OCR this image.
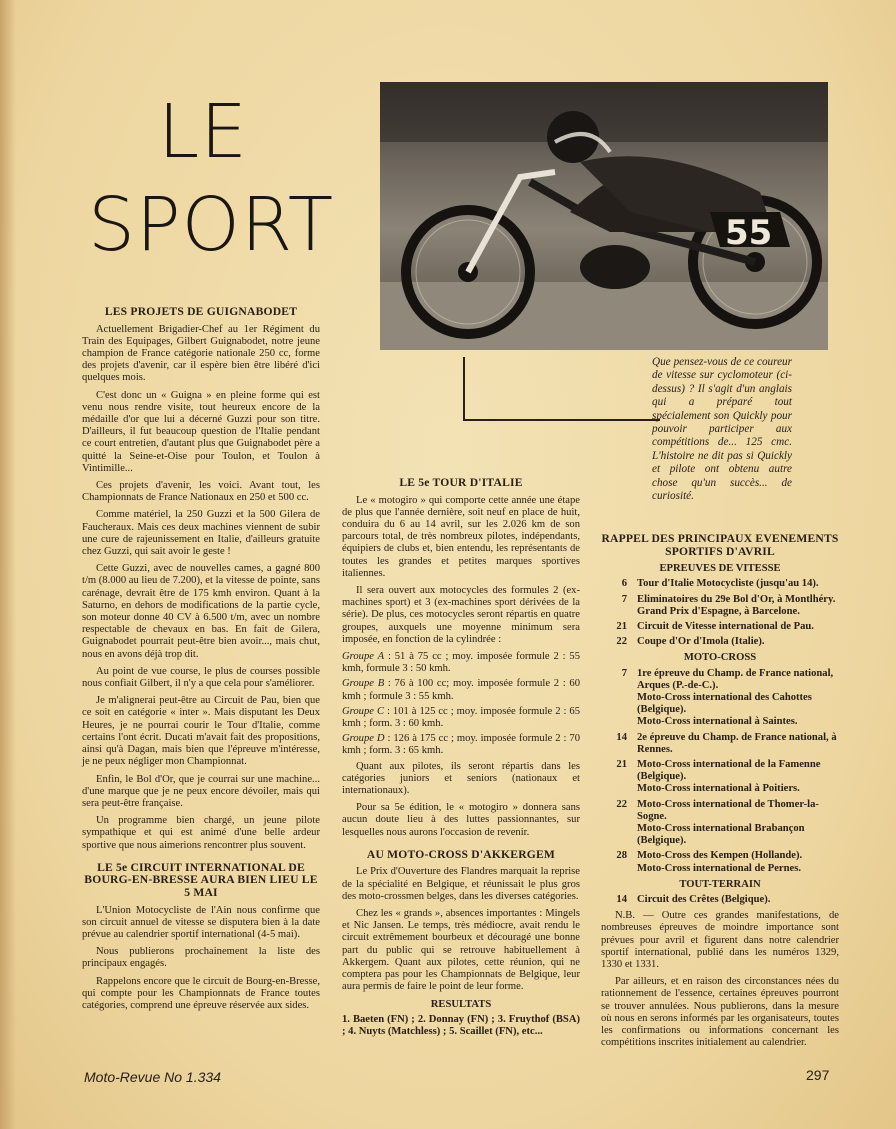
LE
SPORT	55
Que pensez-vous de ce coureur de vitesse sur cyclomoteur (ci-dessus) ? Il s'agit d'un anglais qui a préparé tout spécialement son Quickly pour pouvoir participer aux compétitions de... 125 cmc. L'histoire ne dit pas si Quickly et pilote ont obtenu autre chose qu'un succès... de curiosité.
LES PROJETS DE GUIGNABODET

Actuellement Brigadier-Chef au 1er Régiment du Train des Equipages, Gilbert Guignabodet, notre jeune champion de France catégorie nationale 250 cc, forme des projets d'avenir, car il espère bien être libéré d'ici quelques mois.

C'est donc un « Guigna » en pleine forme qui est venu nous rendre visite, tout heureux encore de la médaille d'or que lui a décerné Guzzi pour son titre. D'ailleurs, il fut beaucoup question de l'Italie pendant ce court entretien, d'autant plus que Guignabodet père a quitté la Seine-et-Oise pour Toulon, et Toulon à Vintimille...

Ces projets d'avenir, les voici. Avant tout, les Championnats de France Nationaux en 250 et 500 cc.

Comme matériel, la 250 Guzzi et la 500 Gilera de Faucheraux. Mais ces deux machines viennent de subir une cure de rajeunissement en Italie, d'ailleurs gratuite chez Guzzi, qui sait avoir le geste !

Cette Guzzi, avec de nouvelles cames, a gagné 800 t/m (8.000 au lieu de 7.200), et la vitesse de pointe, sans carénage, devrait être de 175 kmh environ. Quant à la Saturno, en dehors de modifications de la partie cycle, son moteur donne 40 CV à 6.500 t/m, avec un nombre respectable de chevaux en bas. En fait de Gilera, Guignabodet pourrait peut-être bien avoir..., mais chut, nous en avons déjà trop dit.

Au point de vue course, le plus de courses possible nous confiait Gilbert, il n'y a que cela pour s'améliorer.

Je m'alignerai peut-être au Circuit de Pau, bien que ce soit en catégorie « inter ». Mais disputant les Deux Heures, je ne pourrai courir le Tour d'Italie, comme certains l'ont écrit. Ducati m'avait fait des propositions, ainsi qu'à Dagan, mais bien que l'épreuve m'intéresse, je ne peux négliger mon Championnat.

Enfin, le Bol d'Or, que je courrai sur une machine... d'une marque que je ne peux encore dévoiler, mais qui sera peut-être française.

Un programme bien chargé, un jeune pilote sympathique et qui est animé d'une belle ardeur sportive que nous aimerions rencontrer plus souvent.

LE 5e CIRCUIT INTERNATIONAL DE BOURG-EN-BRESSE AURA BIEN LIEU LE 5 MAI

L'Union Motocycliste de l'Ain nous confirme que son circuit annuel de vitesse se disputera bien à la date prévue au calendrier sportif international (4-5 mai).

Nous publierons prochainement la liste des principaux engagés.

Rappelons encore que le circuit de Bourg-en-Bresse, qui compte pour les Championnats de France toutes catégories, comprend une épreuve réservée aux sides.

LE 5e TOUR D'ITALIE

Le « motogiro » qui comporte cette année une étape de plus que l'année dernière, soit neuf en place de huit, conduira du 6 au 14 avril, sur les 2.026 km de son parcours total, de très nombreux pilotes, indépendants, équipiers de clubs et, bien entendu, les représentants de toutes les grandes et petites marques sportives italiennes.

Il sera ouvert aux motocycles des formules 2 (ex-machines sport) et 3 (ex-machines sport dérivées de la série). De plus, ces motocycles seront répartis en quatre groupes, auxquels une moyenne minimum sera imposée, en fonction de la cylindrée :

Groupe A : 51 à 75 cc ; moy. imposée formule 2 : 55 kmh, formule 3 : 50 kmh.

Groupe B : 76 à 100 cc; moy. imposée formule 2 : 60 kmh ; formule 3 : 55 kmh.

Groupe C : 101 à 125 cc ; moy. imposée formule 2 : 65 kmh ; form. 3 : 60 kmh.

Groupe D : 126 à 175 cc ; moy. imposée formule 2 : 70 kmh ; form. 3 : 65 kmh.

Quant aux pilotes, ils seront répartis dans les catégories juniors et seniors (nationaux et internationaux).

Pour sa 5e édition, le « motogiro » donnera sans aucun doute lieu à des luttes passionnantes, sur lesquelles nous aurons l'occasion de revenir.

AU MOTO-CROSS D'AKKERGEM

Le Prix d'Ouverture des Flandres marquait la reprise de la spécialité en Belgique, et réunissait le plus gros des moto-crossmen belges, dans les diverses catégories.

Chez les « grands », absences importantes : Mingels et Nic Jansen. Le temps, très médiocre, avait rendu le circuit extrêmement bourbeux et découragé une bonne part du public qui se retrouve habituellement à Akkergem. Quant aux pilotes, cette réunion, qui ne comptera pas pour les Championnats de Belgique, leur aura permis de faire le point de leur forme.

RESULTATS

1. Baeten (FN) ; 2. Donnay (FN) ; 3. Fruythof (BSA) ; 4. Nuyts (Matchless) ; 5. Scaillet (FN), etc...

RAPPEL DES PRINCIPAUX EVENEMENTS SPORTIFS D'AVRIL
EPREUVES DE VITESSE
6 Tour d'Italie Motocycliste (jusqu'au 14).
7 Eliminatoires du 29e Bol d'Or, à Montlhéry.
Grand Prix d'Espagne, à Barcelone.
21 Circuit de Vitesse international de Pau.
22 Coupe d'Or d'Imola (Italie).
MOTO-CROSS
7 1re épreuve du Champ. de France national, Arques (P.-de-C.).
Moto-Cross international des Cahottes (Belgique).
Moto-Cross international à Saintes.
14 2e épreuve du Champ. de France national, à Rennes.
21 Moto-Cross international de la Famenne (Belgique).
Moto-Cross international à Poitiers.
22 Moto-Cross international de Thomer-la-Sogne.
Moto-Cross international Brabançon (Belgique).
28 Moto-Cross des Kempen (Hollande).
Moto-Cross international de Pernes.
TOUT-TERRAIN
14 Circuit des Crêtes (Belgique).

N.B. — Outre ces grandes manifestations, de nombreuses épreuves de moindre importance sont prévues pour avril et figurent dans notre calendrier sportif international, publié dans les numéros 1329, 1330 et 1331.

Par ailleurs, et en raison des circonstances nées du rationnement de l'essence, certaines épreuves pourront se trouver annulées. Nous publierons, dans la mesure où nous en serons informés par les organisateurs, toutes les confirmations ou informations concernant les compétitions inscrites initialement au calendrier.

Moto-Revue No 1.334	297
